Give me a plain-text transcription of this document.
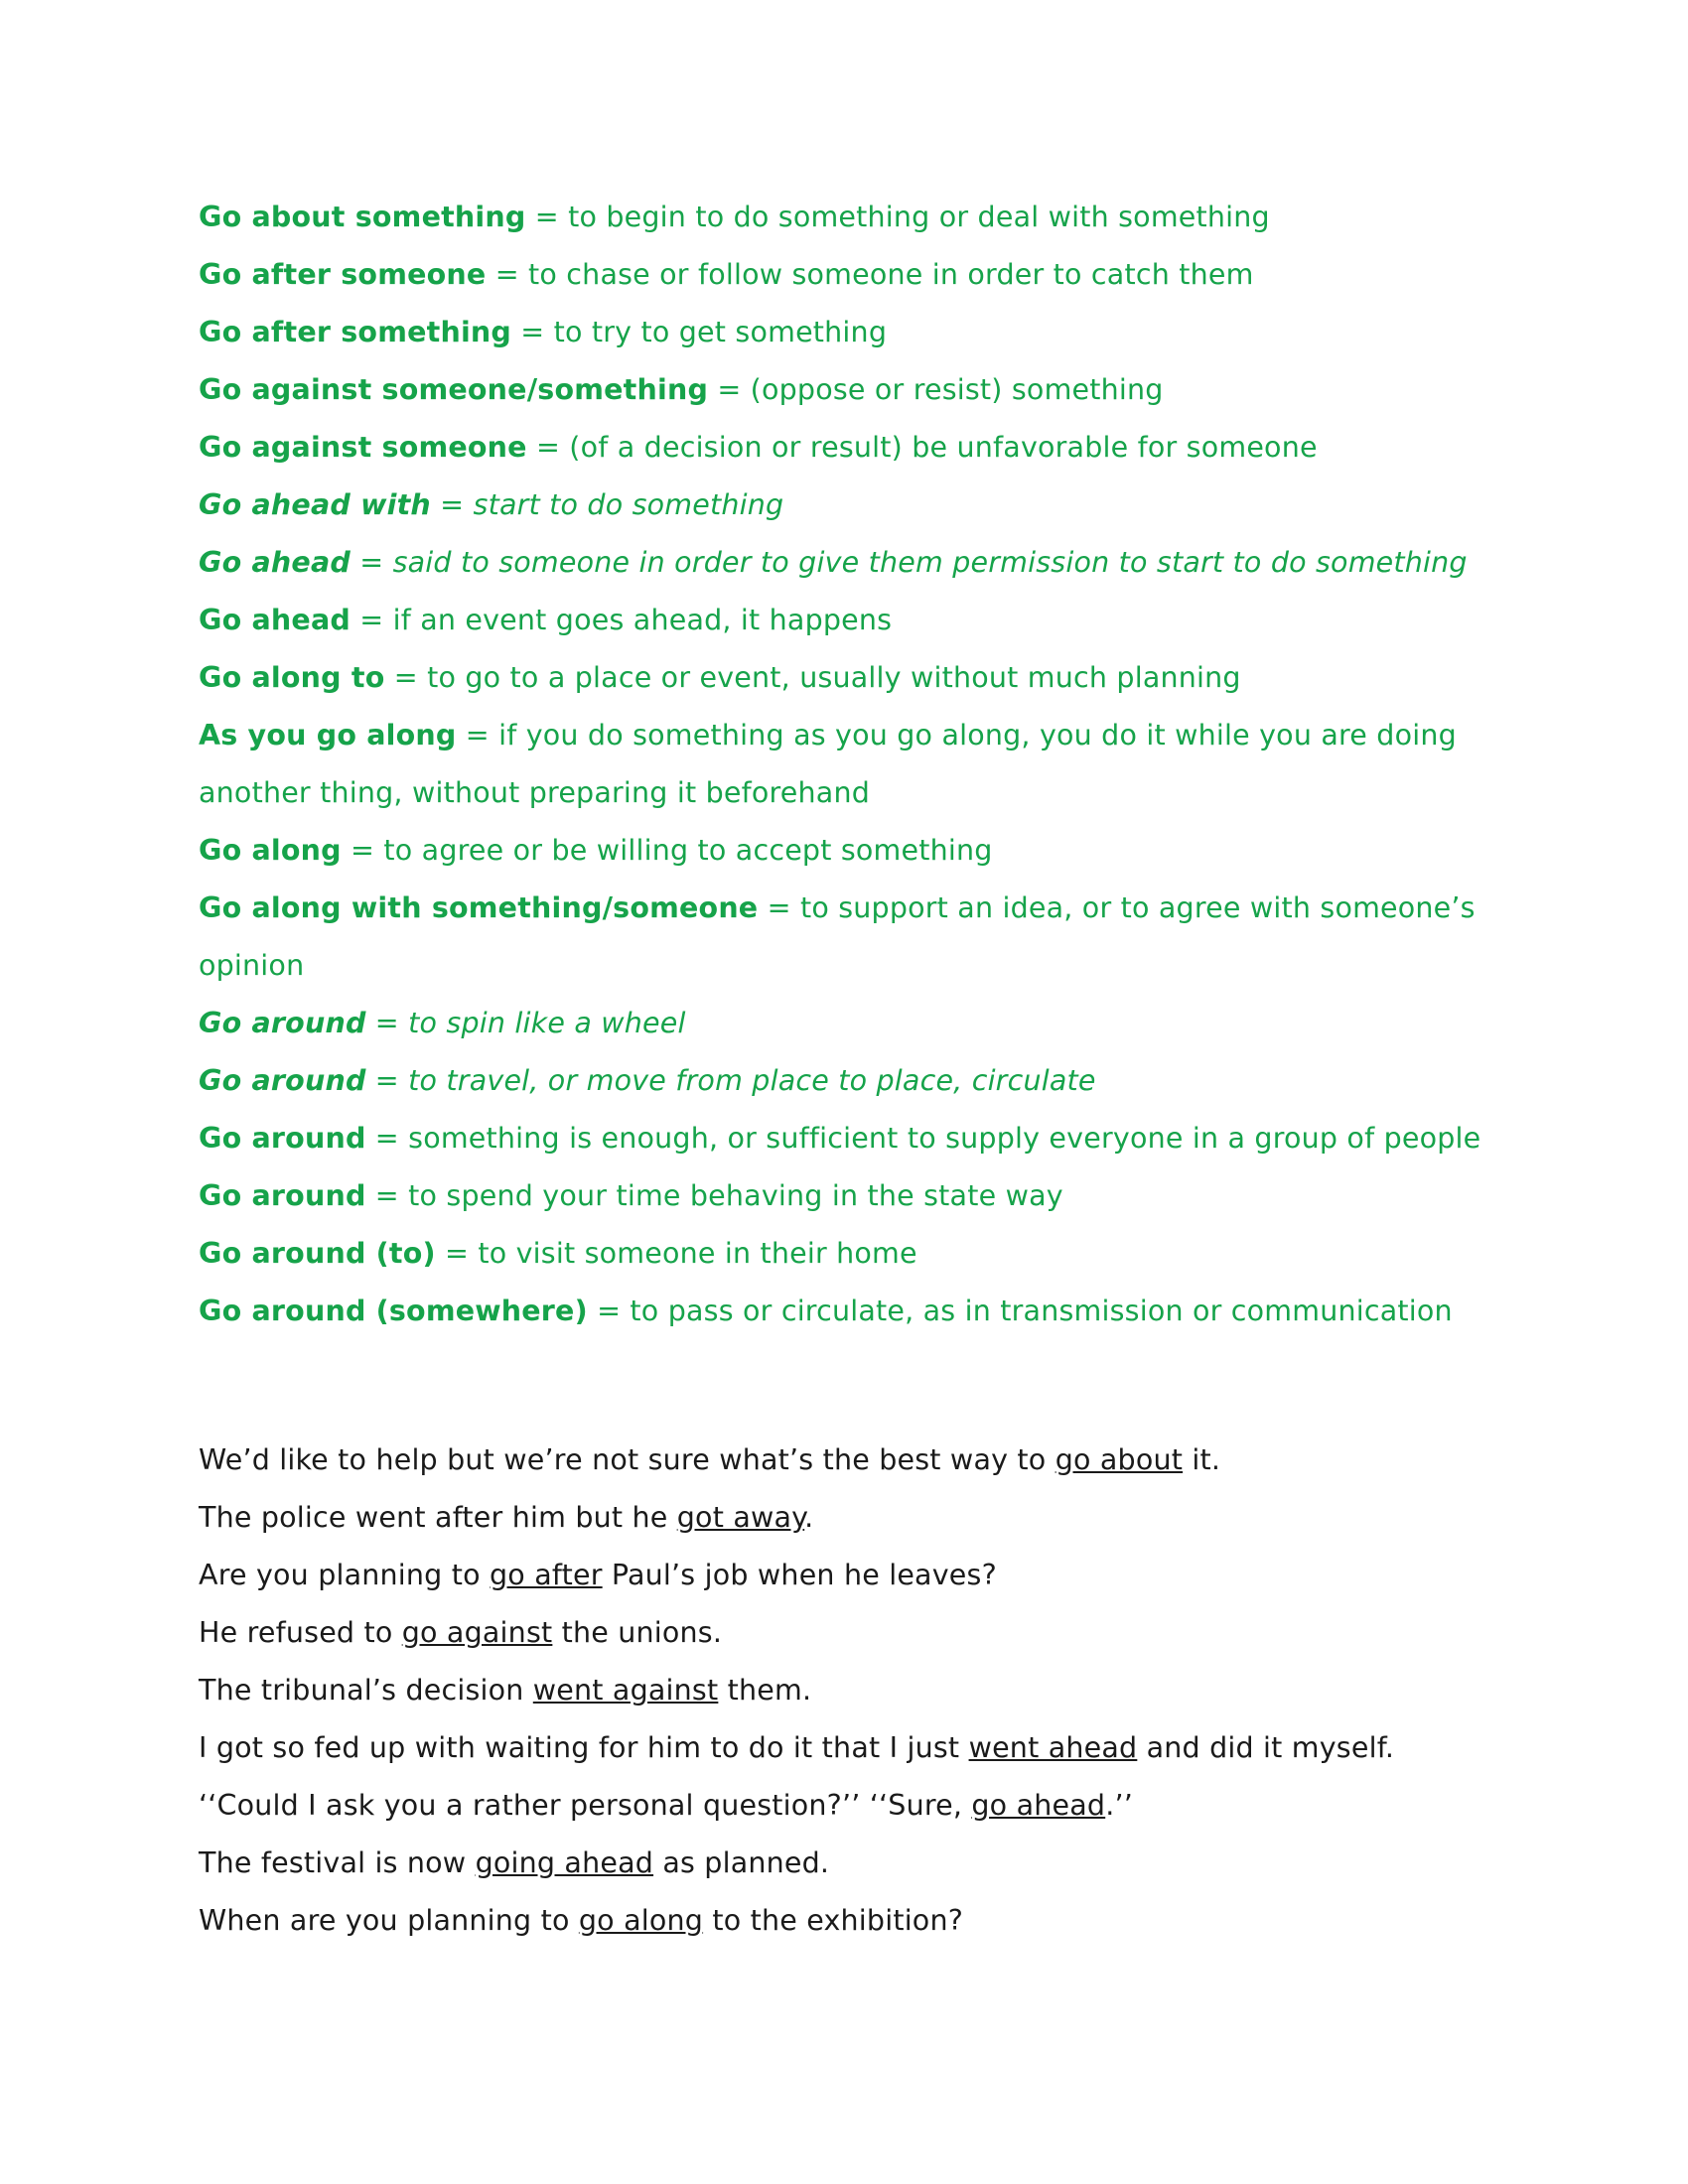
Go about something = to begin to do something or deal with something

Go after someone = to chase or follow someone in order to catch them

Go after something = to try to get something

Go against someone/something = (oppose or resist) something

Go against someone = (of a decision or result) be unfavorable for someone

Go ahead with = start to do something

Go ahead = said to someone in order to give them permission to start to do something

Go ahead = if an event goes ahead, it happens

Go along to = to go to a place or event, usually without much planning

As you go along = if you do something as you go along, you do it while you are doing another thing, without preparing it beforehand

Go along = to agree or be willing to accept something

Go along with something/someone = to support an idea, or to agree with someone’s opinion

Go around = to spin like a wheel

Go around = to travel, or move from place to place, circulate

Go around = something is enough, or sufficient to supply everyone in a group of people

Go around = to spend your time behaving in the state way

Go around (to) = to visit someone in their home

Go around (somewhere) = to pass or circulate, as in transmission or communication

We’d like to help but we’re not sure what’s the best way to go about it.

The police went after him but he got away.

Are you planning to go after Paul’s job when he leaves?

He refused to go against the unions.

The tribunal’s decision went against them.

I got so fed up with waiting for him to do it that I just went ahead and did it myself.

‘‘Could I ask you a rather personal question?’’ ‘‘Sure, go ahead.’’

The festival is now going ahead as planned.

When are you planning to go along to the exhibition?
